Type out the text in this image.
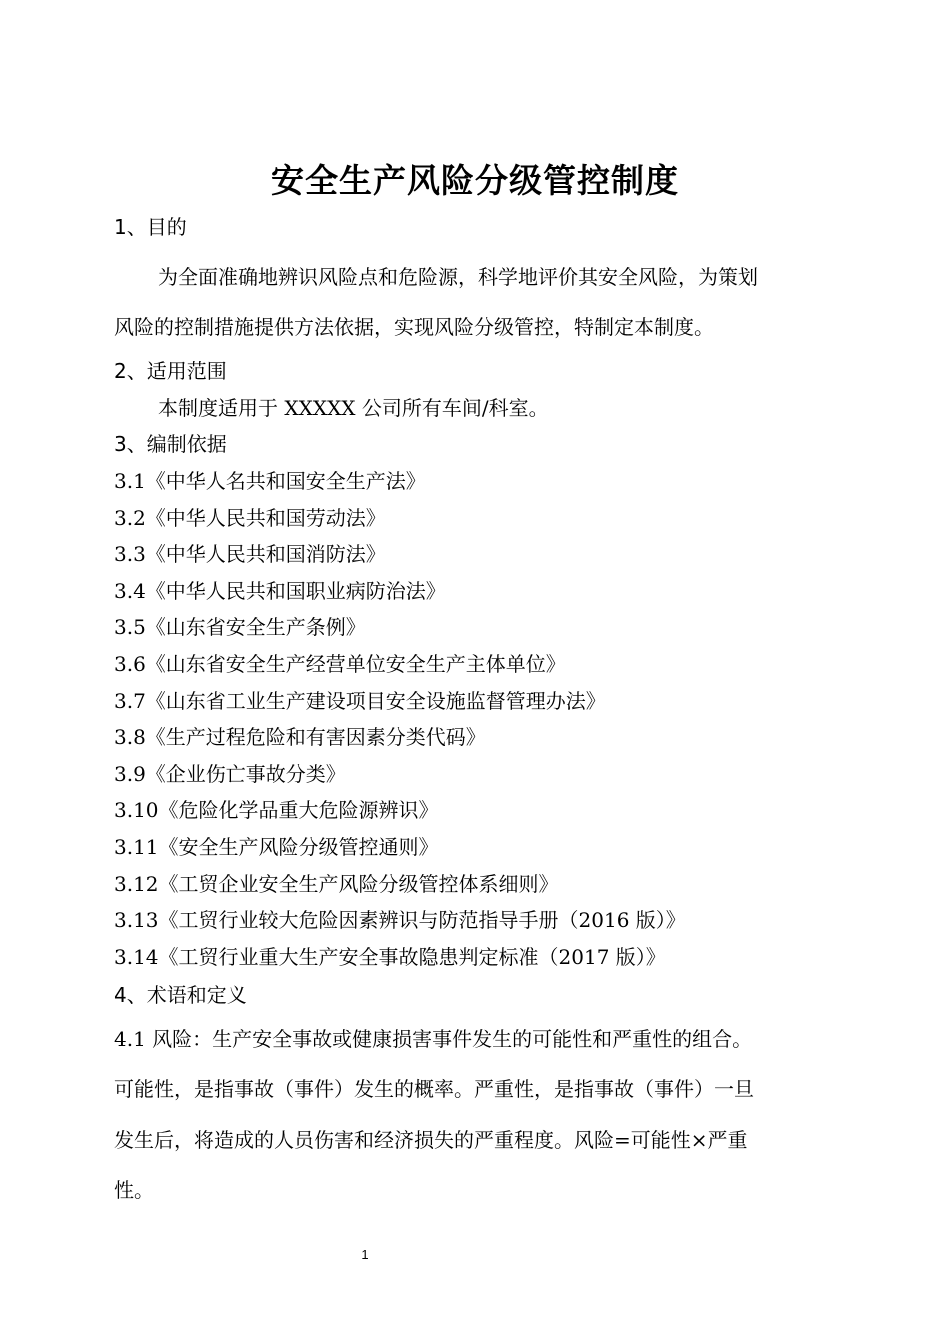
安全生产风险分级管控制度
1、目的
为全面准确地辨识风险点和危险源，科学地评价其安全风险，为策划
风险的控制措施提供方法依据，实现风险分级管控，特制定本制度。
2、适用范围
本制度适用于 XXXXX 公司所有车间/科室。
3、编制依据
3.1《中华人名共和国安全生产法》
3.2《中华人民共和国劳动法》
3.3《中华人民共和国消防法》
3.4《中华人民共和国职业病防治法》
3.5《山东省安全生产条例》
3.6《山东省安全生产经营单位安全生产主体单位》
3.7《山东省工业生产建设项目安全设施监督管理办法》
3.8《生产过程危险和有害因素分类代码》
3.9《企业伤亡事故分类》
3.10《危险化学品重大危险源辨识》
3.11《安全生产风险分级管控通则》
3.12《工贸企业安全生产风险分级管控体系细则》
3.13《工贸行业较大危险因素辨识与防范指导手册（2016 版）》
3.14《工贸行业重大生产安全事故隐患判定标准（2017 版）》
4、术语和定义
4.1 风险：生产安全事故或健康损害事件发生的可能性和严重性的组合。
可能性，是指事故（事件）发生的概率。严重性，是指事故（事件）一旦
发生后，将造成的人员伤害和经济损失的严重程度。风险=可能性×严重
性。
1
